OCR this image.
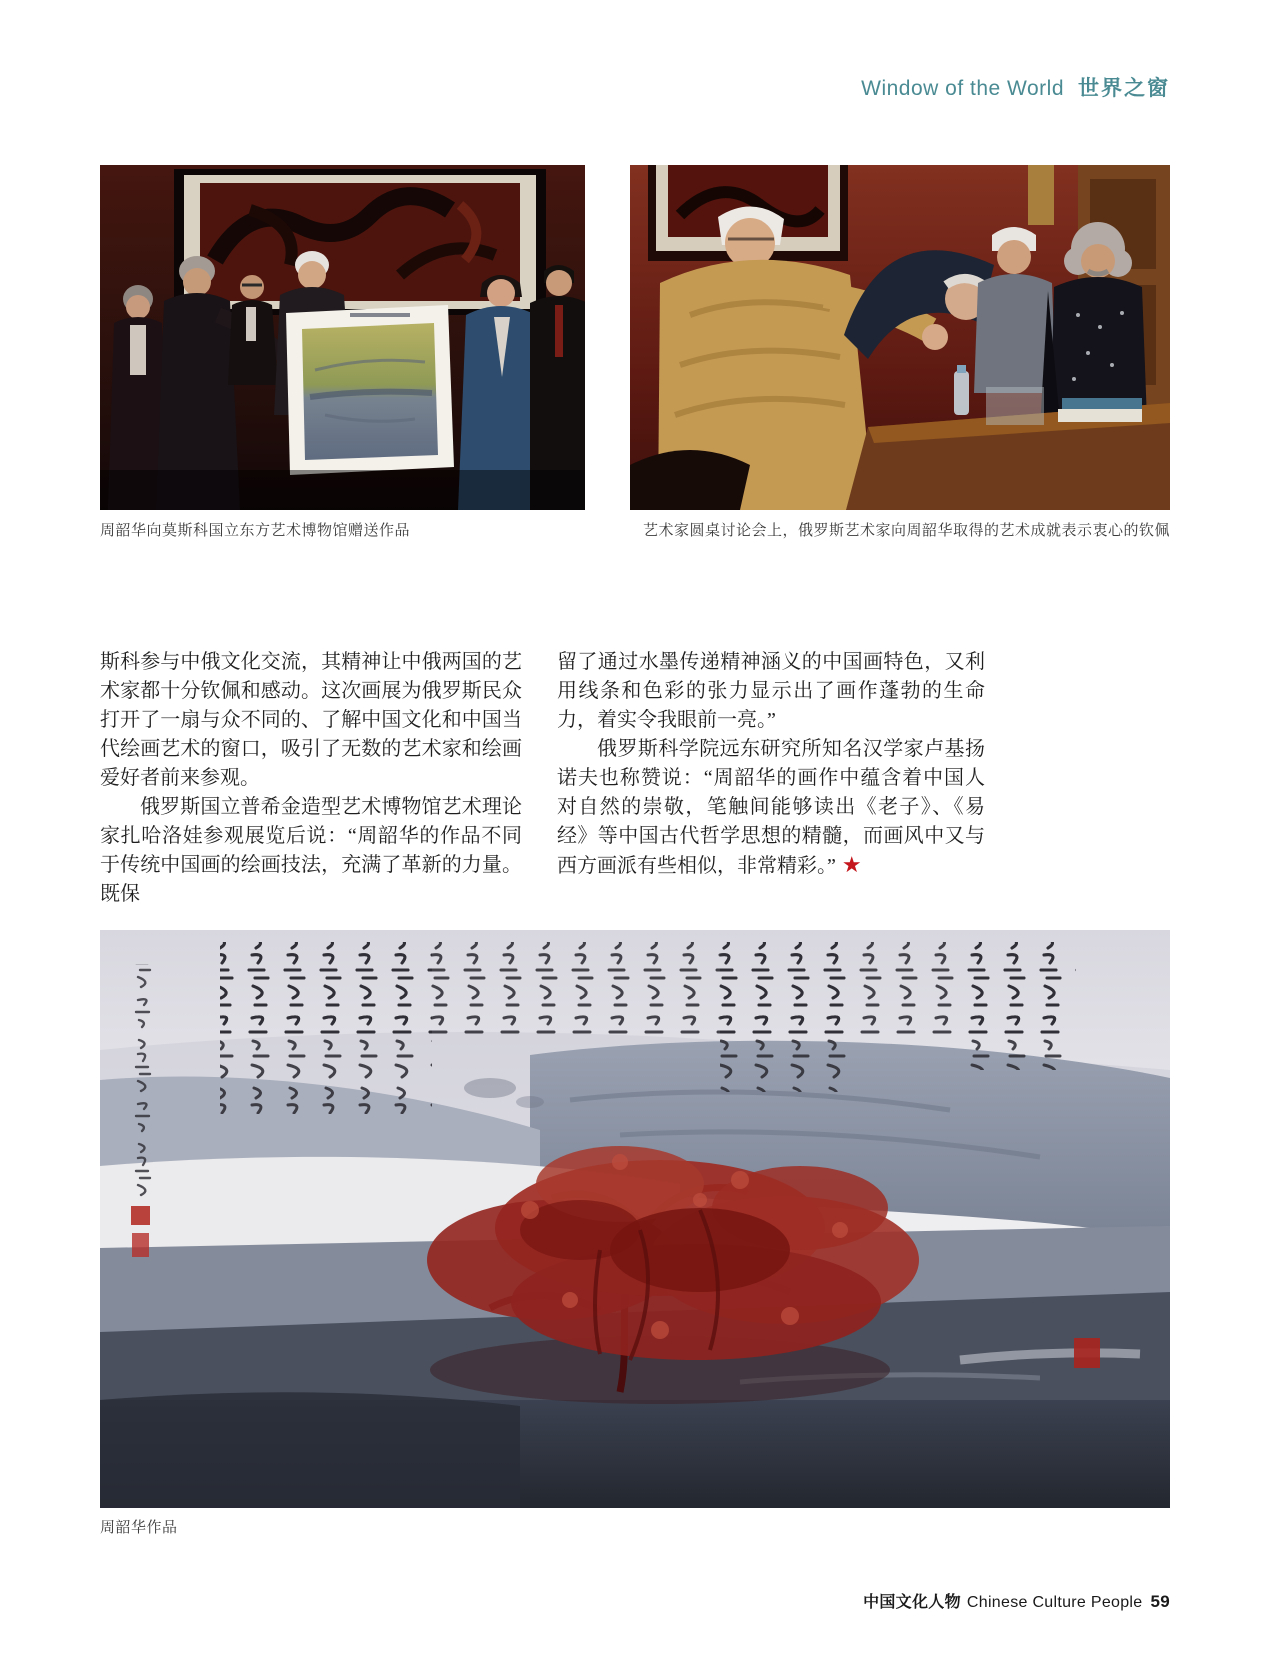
Window of the World 世界之窗
周韶华向莫斯科国立东方艺术博物馆赠送作品	艺术家圆桌讨论会上，俄罗斯艺术家向周韶华取得的艺术成就表示衷心的钦佩

斯科参与中俄文化交流，其精神让中俄两国的艺术家都十分钦佩和感动。这次画展为俄罗斯民众打开了一扇与众不同的、了解中国文化和中国当代绘画艺术的窗口，吸引了无数的艺术家和绘画爱好者前来参观。

俄罗斯国立普希金造型艺术博物馆艺术理论家扎哈洛娃参观展览后说：“周韶华的作品不同于传统中国画的绘画技法，充满了革新的力量。既保

留了通过水墨传递精神涵义的中国画特色，又利用线条和色彩的张力显示出了画作蓬勃的生命力，着实令我眼前一亮。”

俄罗斯科学院远东研究所知名汉学家卢基扬诺夫也称赞说：“周韶华的画作中蕴含着中国人对自然的崇敬，笔触间能够读出《老子》、《易经》等中国古代哲学思想的精髓，而画风中又与西方画派有些相似，非常精彩。” ★

周韶华作品
中国文化人物 Chinese Culture People 59
